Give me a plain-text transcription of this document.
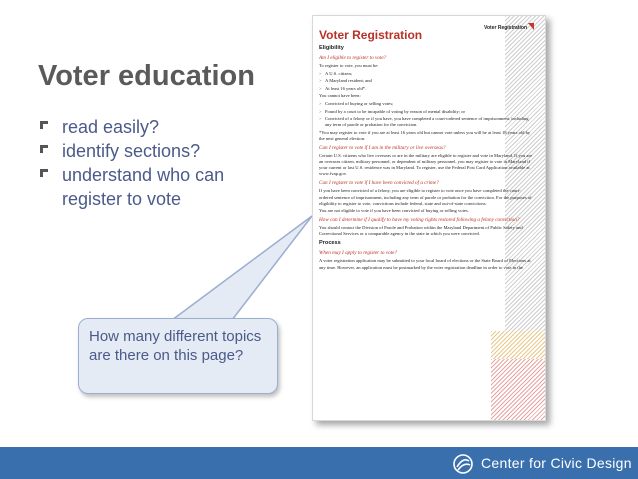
Voter education
read easily?
identify sections?
understand who can register to vote
How many different topics are there on this page?
Voter Registration
Voter Registration
Eligibility
Am I eligible to register to vote?
To register to vote, you must be:
> A U.S. citizen;
> A Maryland resident; and
> At least 16 years old*.
You cannot have been:
> Convicted of buying or selling votes;
> Found by a court to be incapable of voting by reason of mental disability; or
> Convicted of a felony or if you have, you have completed a court-ordered sentence of imprisonment, including any term of parole or probation for the conviction.
*You may register to vote if you are at least 16 years old but cannot vote unless you will be at least 18 years old by the next general election.
Can I register to vote if I am in the military or live overseas?
Certain U.S. citizens who live overseas or are in the military are eligible to register and vote in Maryland. If you are an overseas citizen, military personnel, or dependent of military personnel, you may register to vote in Maryland if your current or last U.S. residence was in Maryland. To register, use the Federal Post Card Application available at www.fvap.gov.
Can I register to vote if I have been convicted of a crime?
If you have been convicted of a felony, you are eligible to register to vote once you have completed the court-ordered sentence of imprisonment, including any term of parole or probation for the conviction. For the purposes of eligibility to register to vote, convictions include federal, state and out-of-state convictions.
You are not eligible to vote if you have been convicted of buying or selling votes.
How can I determine if I qualify to have my voting rights restored following a felony conviction?
You should contact the Division of Parole and Probation within the Maryland Department of Public Safety and Correctional Services or a comparable agency in the state in which you were convicted.
Process
When may I apply to register to vote?
A voter registration application may be submitted to your local board of elections or the State Board of Elections at any time. However, an application must be postmarked by the voter registration deadline in order to vote in the
Center for Civic Design
